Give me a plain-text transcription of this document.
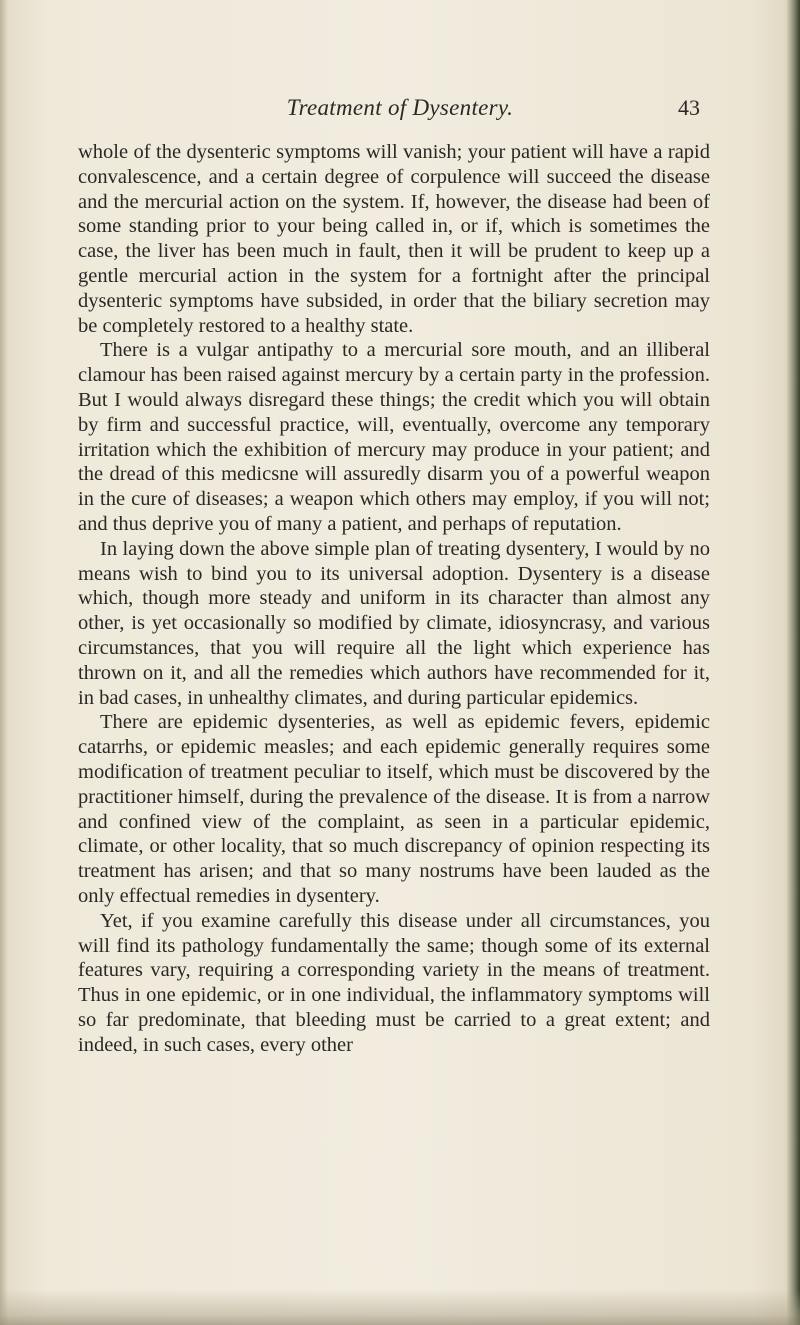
Treatment of Dysentery.	43

whole of the dysenteric symptoms will vanish; your patient will have a rapid convalescence, and a certain degree of corpulence will succeed the disease and the mercurial action on the system. If, however, the disease had been of some standing prior to your being called in, or if, which is sometimes the case, the liver has been much in fault, then it will be prudent to keep up a gentle mercurial action in the system for a fortnight after the principal dysenteric symptoms have subsided, in order that the biliary secretion may be completely restored to a healthy state.

There is a vulgar antipathy to a mercurial sore mouth, and an illiberal clamour has been raised against mercury by a certain party in the profession. But I would always disregard these things; the credit which you will obtain by firm and successful practice, will, eventually, overcome any temporary irritation which the exhibition of mercury may produce in your patient; and the dread of this medicsne will assuredly disarm you of a powerful weapon in the cure of diseases; a weapon which others may employ, if you will not; and thus deprive you of many a patient, and perhaps of reputation.

In laying down the above simple plan of treating dysentery, I would by no means wish to bind you to its universal adoption. Dysentery is a disease which, though more steady and uniform in its character than almost any other, is yet occasionally so modified by climate, idiosyncrasy, and various circumstances, that you will require all the light which experience has thrown on it, and all the remedies which authors have recommended for it, in bad cases, in unhealthy climates, and during particular epidemics.

There are epidemic dysenteries, as well as epidemic fevers, epidemic catarrhs, or epidemic measles; and each epidemic generally requires some modification of treatment peculiar to itself, which must be discovered by the practitioner himself, during the prevalence of the disease. It is from a narrow and confined view of the complaint, as seen in a particular epidemic, climate, or other locality, that so much discrepancy of opinion respecting its treatment has arisen; and that so many nostrums have been lauded as the only effectual remedies in dysentery.

Yet, if you examine carefully this disease under all circumstances, you will find its pathology fundamentally the same; though some of its external features vary, requiring a corresponding variety in the means of treatment. Thus in one epidemic, or in one individual, the inflammatory symptoms will so far predominate, that bleeding must be carried to a great extent; and indeed, in such cases, every other
